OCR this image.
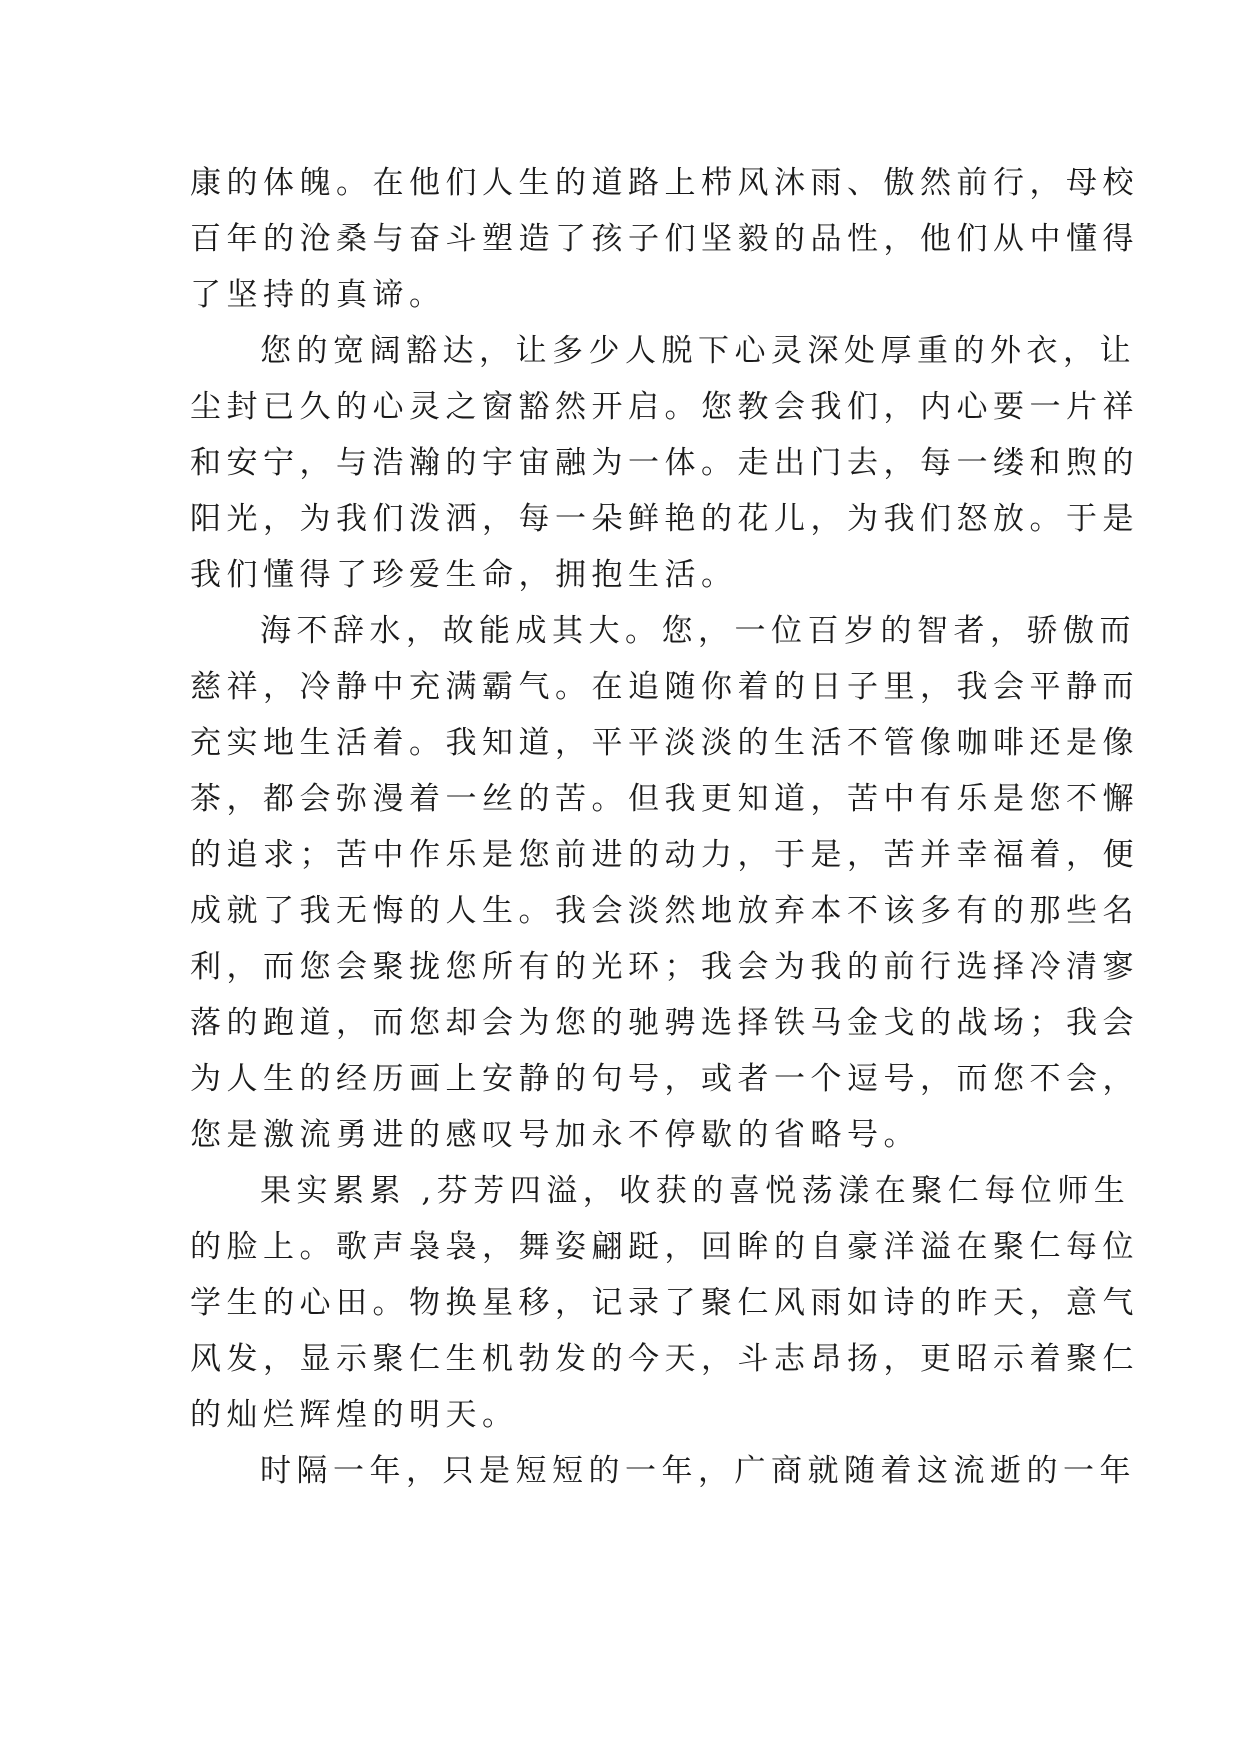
康的体魄。在他们人生的道路上栉风沐雨、傲然前行，母校
百年的沧桑与奋斗塑造了孩子们坚毅的品性，他们从中懂得
了坚持的真谛。
您的宽阔豁达，让多少人脱下心灵深处厚重的外衣，让
尘封已久的心灵之窗豁然开启。您教会我们，内心要一片祥
和安宁，与浩瀚的宇宙融为一体。走出门去，每一缕和煦的
阳光，为我们泼洒，每一朵鲜艳的花儿，为我们怒放。于是
我们懂得了珍爱生命，拥抱生活。
海不辞水，故能成其大。您，一位百岁的智者，骄傲而
慈祥，冷静中充满霸气。在追随你着的日子里，我会平静而
充实地生活着。我知道，平平淡淡的生活不管像咖啡还是像
茶，都会弥漫着一丝的苦。但我更知道，苦中有乐是您不懈
的追求；苦中作乐是您前进的动力，于是，苦并幸福着，便
成就了我无悔的人生。我会淡然地放弃本不该多有的那些名
利，而您会聚拢您所有的光环；我会为我的前行选择冷清寥
落的跑道，而您却会为您的驰骋选择铁马金戈的战场；我会
为人生的经历画上安静的句号，或者一个逗号，而您不会，
您是激流勇进的感叹号加永不停歇的省略号。
果实累累 ,芬芳四溢，收获的喜悦荡漾在聚仁每位师生
的脸上。歌声袅袅，舞姿翩跹，回眸的自豪洋溢在聚仁每位
学生的心田。物换星移，记录了聚仁风雨如诗的昨天，意气
风发，显示聚仁生机勃发的今天，斗志昂扬，更昭示着聚仁
的灿烂辉煌的明天。
时隔一年，只是短短的一年，广商就随着这流逝的一年
